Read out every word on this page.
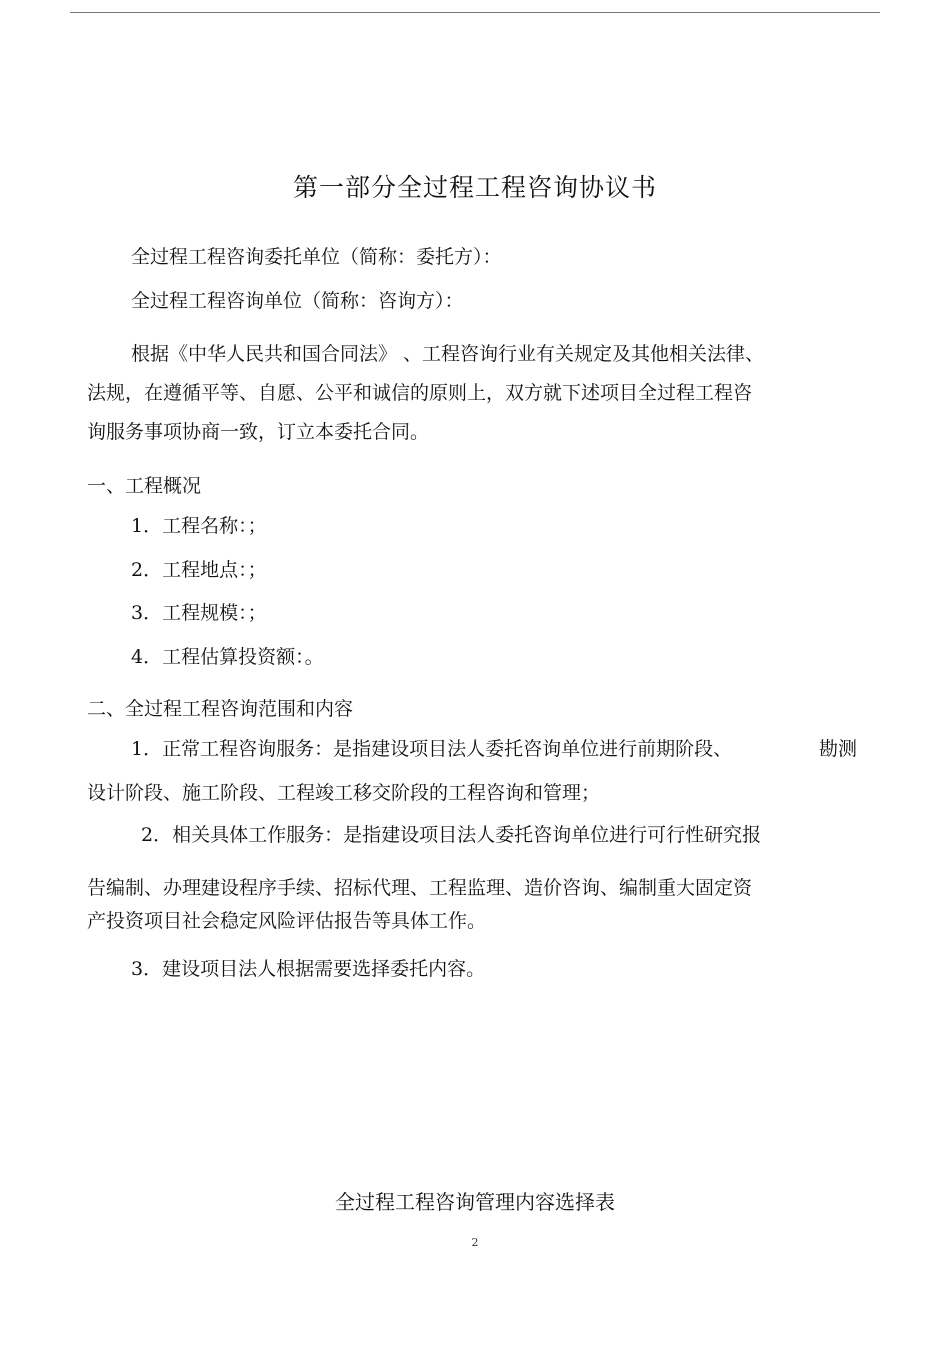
第一部分全过程工程咨询协议书
全过程工程咨询委托单位（简称：委托方）：
全过程工程咨询单位（简称：咨询方）：
根据《中华人民共和国合同法》 、工程咨询行业有关规定及其他相关法律、
法规，在遵循平等、自愿、公平和诚信的原则上，双方就下述项目全过程工程咨
询服务事项协商一致，订立本委托合同。
一、工程概况
1．工程名称：；
2．工程地点：；
3．工程规模：；
4．工程估算投资额：。
二、全过程工程咨询范围和内容
1．正常工程咨询服务：是指建设项目法人委托咨询单位进行前期阶段、	勘测
设计阶段、施工阶段、工程竣工移交阶段的工程咨询和管理；
2．相关具体工作服务：是指建设项目法人委托咨询单位进行可行性研究报
告编制、办理建设程序手续、招标代理、工程监理、造价咨询、编制重大固定资
产投资项目社会稳定风险评估报告等具体工作。
3．建设项目法人根据需要选择委托内容。
全过程工程咨询管理内容选择表
2
